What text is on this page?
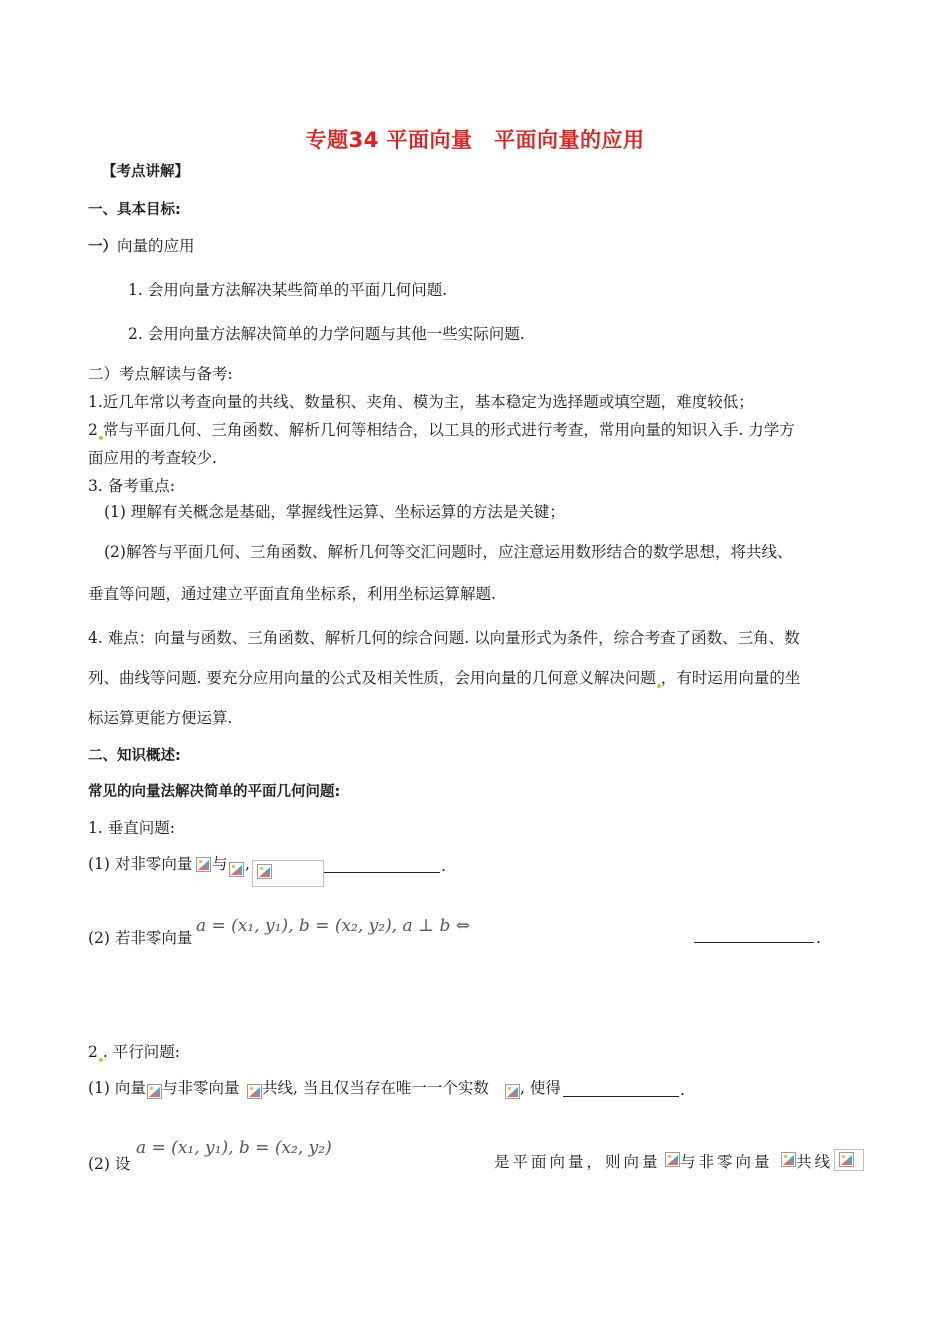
专题34 平面向量　平面向量的应用
【考点讲解】
一、具本目标:
一）向量的应用
1. 会用向量方法解决某些简单的平面几何问题.
2. 会用向量方法解决简单的力学问题与其他一些实际问题.
二）考点解读与备考:
1.近几年常以考查向量的共线、数量积、夹角、模为主，基本稳定为选择题或填空题，难度较低；
2 常与平面几何、三角函数、解析几何等相结合，以工具的形式进行考查，常用向量的知识入手. 力学方
面应用的考查较少.
3. 备考重点:
(1) 理解有关概念是基础，掌握线性运算、坐标运算的方法是关键；
(2)解答与平面几何、三角函数、解析几何等交汇问题时，应注意运用数形结合的数学思想，将共线、
垂直等问题，通过建立平面直角坐标系，利用坐标运算解题.
4. 难点：向量与函数、三角函数、解析几何的综合问题. 以向量形式为条件，综合考查了函数、三角、数
列、曲线等问题. 要充分应用向量的公式及相关性质，会用向量的几何意义解决问题 ，有时运用向量的坐
标运算更能方便运算.
二、知识概述:
常见的向量法解决简单的平面几何问题:
1. 垂直问题:
(1) 对非零向量 与 ,	.
(2) 若非零向量
a = (x₁, y₁), b = (x₂, y₂), a ⊥ b ⇔
.
2 . 平行问题:
(1) 向量 与非零向量 共线, 当且仅当存在唯一一个实数 , 使得	.
(2) 设
a = (x₁, y₁), b = (x₂, y₂)
是平面向量，则向量 与非零向量 共线
